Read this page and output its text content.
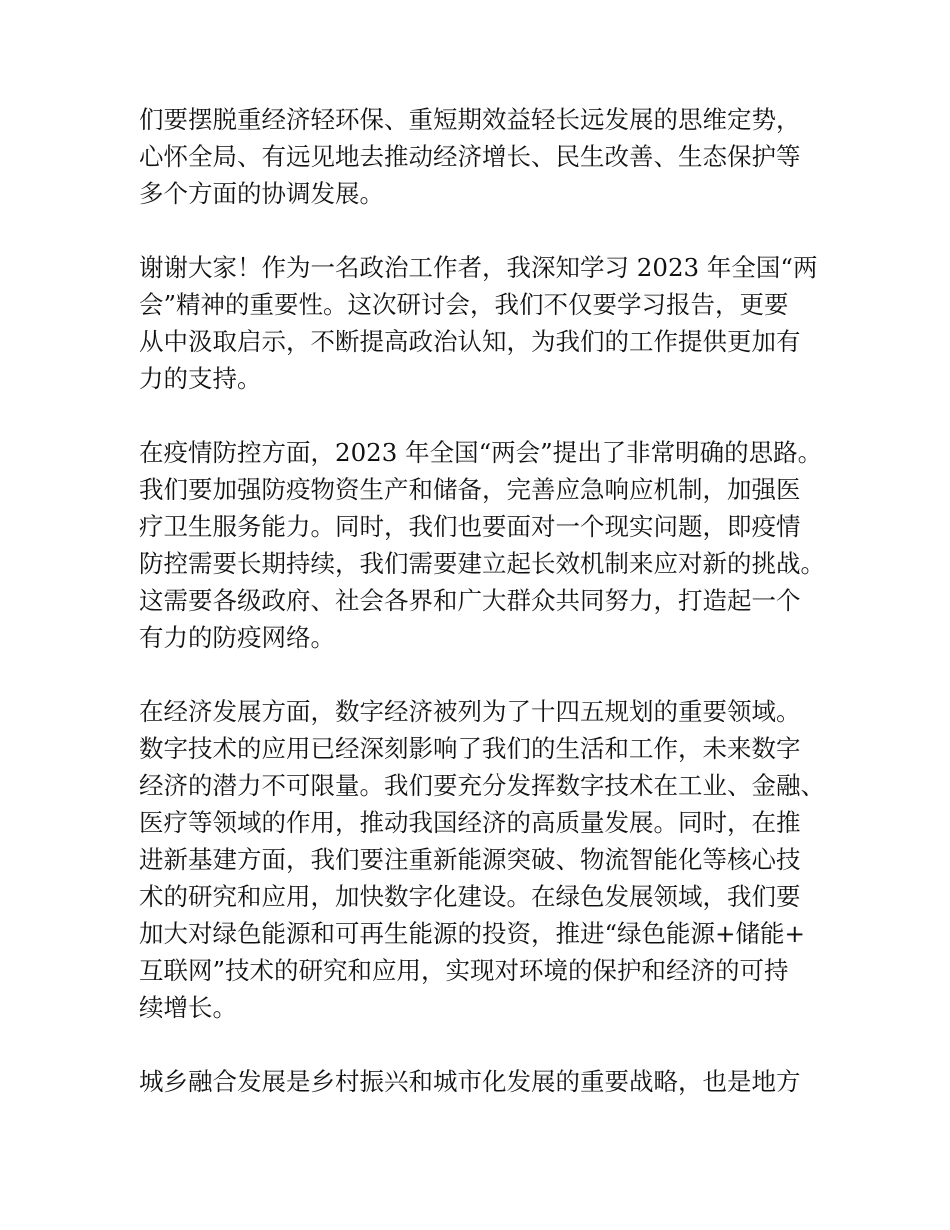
们要摆脱重经济轻环保、重短期效益轻长远发展的思维定势，
心怀全局、有远见地去推动经济增长、民生改善、生态保护等
多个方面的协调发展。
谢谢大家！作为一名政治工作者，我深知学习 2023 年全国“两
会”精神的重要性。这次研讨会，我们不仅要学习报告，更要
从中汲取启示，不断提高政治认知，为我们的工作提供更加有
力的支持。
在疫情防控方面，2023 年全国“两会”提出了非常明确的思路。
我们要加强防疫物资生产和储备，完善应急响应机制，加强医
疗卫生服务能力。同时，我们也要面对一个现实问题，即疫情
防控需要长期持续，我们需要建立起长效机制来应对新的挑战。
这需要各级政府、社会各界和广大群众共同努力，打造起一个
有力的防疫网络。
在经济发展方面，数字经济被列为了十四五规划的重要领域。
数字技术的应用已经深刻影响了我们的生活和工作，未来数字
经济的潜力不可限量。我们要充分发挥数字技术在工业、金融、
医疗等领域的作用，推动我国经济的高质量发展。同时，在推
进新基建方面，我们要注重新能源突破、物流智能化等核心技
术的研究和应用，加快数字化建设。在绿色发展领域，我们要
加大对绿色能源和可再生能源的投资，推进“绿色能源+储能+
互联网”技术的研究和应用，实现对环境的保护和经济的可持
续增长。
城乡融合发展是乡村振兴和城市化发展的重要战略，也是地方
